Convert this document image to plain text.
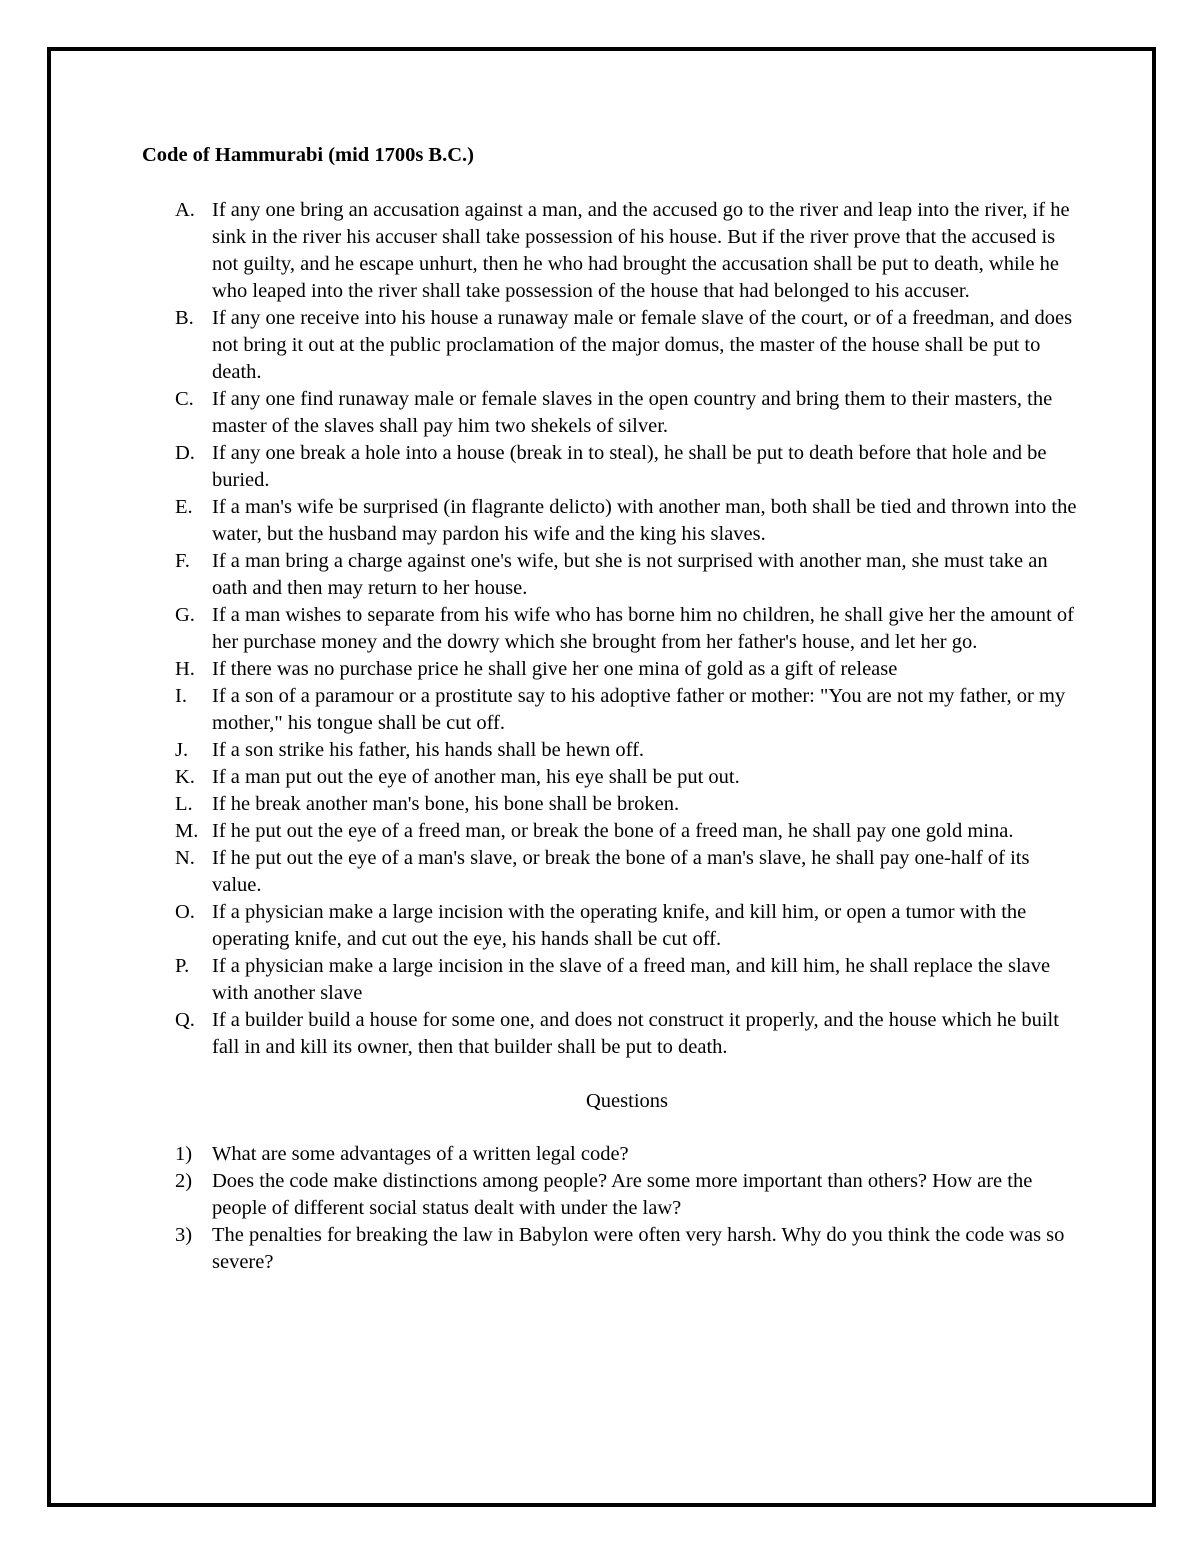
Code of Hammurabi (mid 1700s B.C.)
A. If any one bring an accusation against a man, and the accused go to the river and leap into the river, if he sink in the river his accuser shall take possession of his house. But if the river prove that the accused is not guilty, and he escape unhurt, then he who had brought the accusation shall be put to death, while he who leaped into the river shall take possession of the house that had belonged to his accuser.
B. If any one receive into his house a runaway male or female slave of the court, or of a freedman, and does not bring it out at the public proclamation of the major domus, the master of the house shall be put to death.
C. If any one find runaway male or female slaves in the open country and bring them to their masters, the master of the slaves shall pay him two shekels of silver.
D. If any one break a hole into a house (break in to steal), he shall be put to death before that hole and be buried.
E. If a man's wife be surprised (in flagrante delicto) with another man, both shall be tied and thrown into the water, but the husband may pardon his wife and the king his slaves.
F.	If a man bring a charge against one's wife, but she is not surprised with another man, she must take an oath and then may return to her house.
G. If a man wishes to separate from his wife who has borne him no children, he shall give her the amount of her purchase money and the dowry which she brought from her father's house, and let her go.
H. If there was no purchase price he shall give her one mina of gold as a gift of release
I.	If a son of a paramour or a prostitute say to his adoptive father or mother: "You are not my father, or my mother," his tongue shall be cut off.
J.	If a son strike his father, his hands shall be hewn off.
K. If a man put out the eye of another man, his eye shall be put out.
L. If he break another man's bone, his bone shall be broken.
M. If he put out the eye of a freed man, or break the bone of a freed man, he shall pay one gold mina.
N. If he put out the eye of a man's slave, or break the bone of a man's slave, he shall pay one-half of its value.
O. If a physician make a large incision with the operating knife, and kill him, or open a tumor with the operating knife, and cut out the eye, his hands shall be cut off.
P.	If a physician make a large incision in the slave of a freed man, and kill him, he shall replace the slave with another slave
Q. If a builder build a house for some one, and does not construct it properly, and the house which he built fall in and kill its owner, then that builder shall be put to death.
Questions
1) What are some advantages of a written legal code?
2) Does the code make distinctions among people? Are some more important than others? How are the people of different social status dealt with under the law?
3) The penalties for breaking the law in Babylon were often very harsh. Why do you think the code was so severe?
